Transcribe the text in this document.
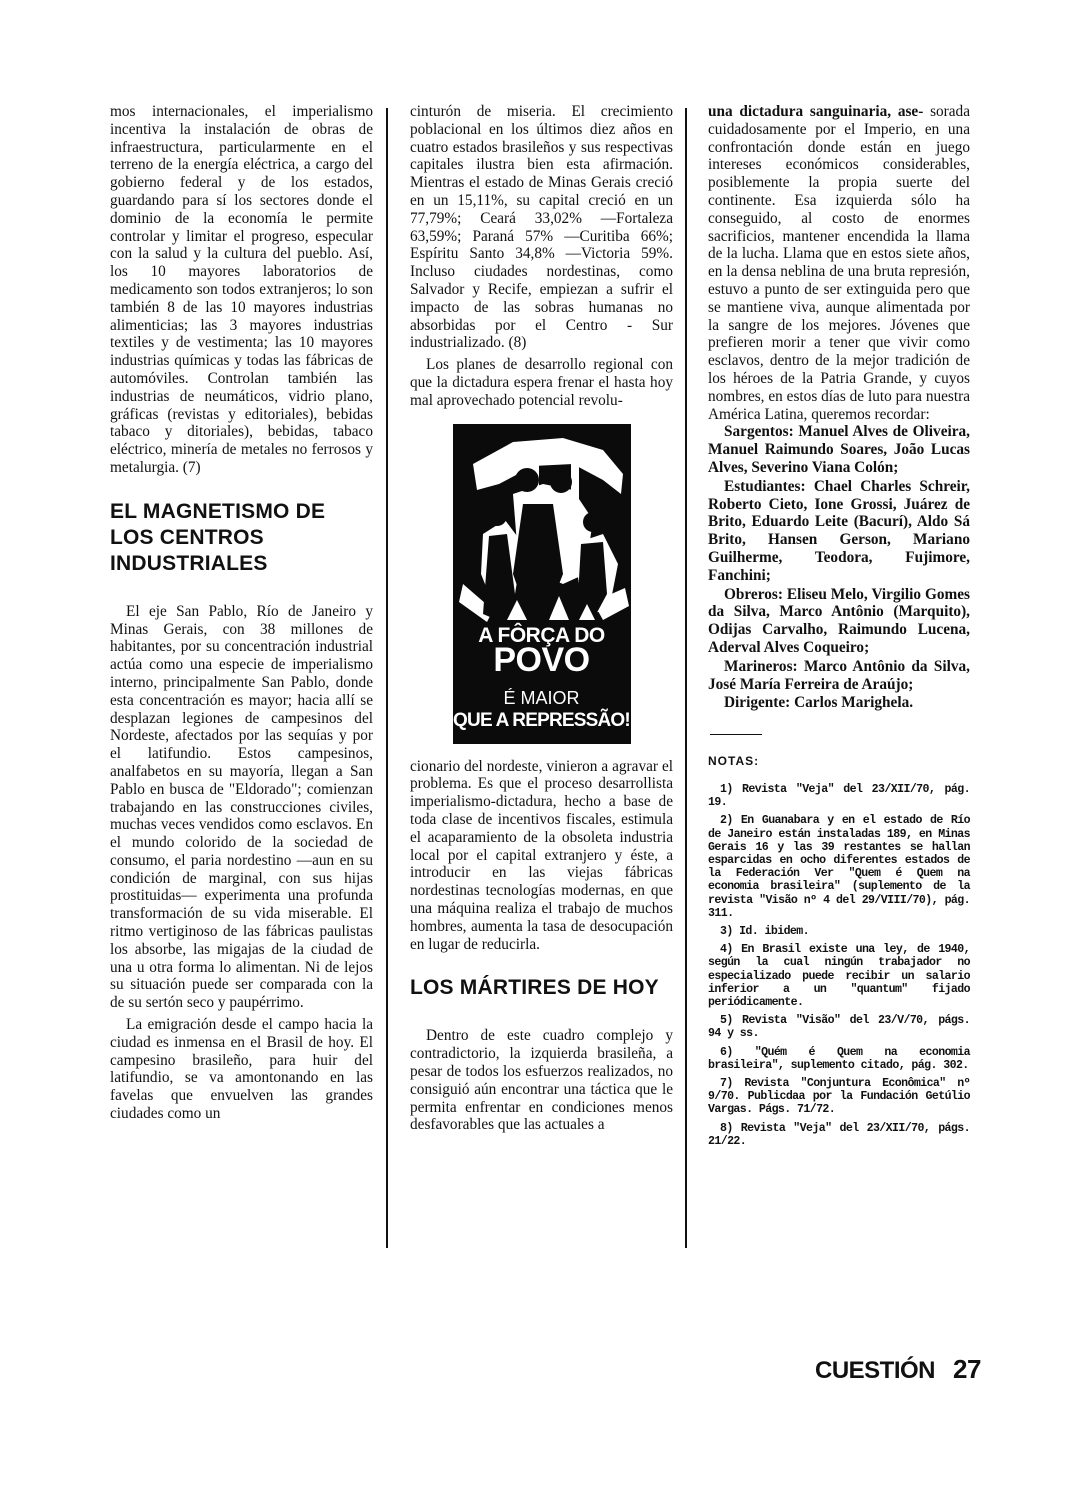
mos internacionales, el imperialismo incentiva la instalación de obras de infraestructura, particularmente en el terreno de la energía eléctrica, a cargo del gobierno federal y de los estados, guardando para sí los sectores donde el dominio de la economía le permite controlar y limitar el progreso, especular con la salud y la cultura del pueblo. Así, los 10 mayores laboratorios de medicamento son todos extranjeros; lo son también 8 de las 10 mayores industrias alimenticias; las 3 mayores industrias textiles y de vestimenta; las 10 mayores industrias químicas y todas las fábricas de automóviles. Controlan también las industrias de neumáticos, vidrio plano, gráficas (revistas y editoriales), bebidas tabaco y ditoriales), bebidas, tabaco eléctrico, minería de metales no ferrosos y metalurgia. (7)

EL MAGNETISMO DE LOS CENTROS INDUSTRIALES

El eje San Pablo, Río de Janeiro y Minas Gerais, con 38 millones de habitantes, por su concentración industrial actúa como una especie de imperialismo interno, principalmente San Pablo, donde esta concentración es mayor; hacia allí se desplazan legiones de campesinos del Nordeste, afectados por las sequías y por el latifundio. Estos campesinos, analfabetos en su mayoría, llegan a San Pablo en busca de "Eldorado"; comienzan trabajando en las construcciones civiles, muchas veces vendidos como esclavos. En el mundo colorido de la sociedad de consumo, el paria nordestino —aun en su condición de marginal, con sus hijas prostituidas— experimenta una profunda transformación de su vida miserable. El ritmo vertiginoso de las fábricas paulistas los absorbe, las migajas de la ciudad de una u otra forma lo alimentan. Ni de lejos su situación puede ser comparada con la de su sertón seco y paupérrimo.

La emigración desde el campo hacia la ciudad es inmensa en el Brasil de hoy. El campesino brasileño, para huir del latifundio, se va amontonando en las favelas que envuelven las grandes ciudades como un

cinturón de miseria. El crecimiento poblacional en los últimos diez años en cuatro estados brasileños y sus respectivas capitales ilustra bien esta afirmación. Mientras el estado de Minas Gerais creció en un 15,11%, su capital creció en un 77,79%; Ceará 33,02% —Fortaleza 63,59%; Paraná 57% —Curitiba 66%; Espíritu Santo 34,8% —Victoria 59%. Incluso ciudades nordestinas, como Salvador y Recife, empiezan a sufrir el impacto de las sobras humanas no absorbidas por el Centro - Sur industrializado. (8)

Los planes de desarrollo regional con que la dictadura espera frenar el hasta hoy mal aprovechado potencial revolu-

A FÔRÇA DO
POVO
É MAIOR
QUE A REPRESSÃO!

cionario del nordeste, vinieron a agravar el problema. Es que el proceso desarrollista imperialismo-dictadura, hecho a base de toda clase de incentivos fiscales, estimula el acaparamiento de la obsoleta industria local por el capital extranjero y éste, a introducir en las viejas fábricas nordestinas tecnologías modernas, en que una máquina realiza el trabajo de muchos hombres, aumenta la tasa de desocupación en lugar de reducirla.

LOS MÁRTIRES DE HOY

Dentro de este cuadro complejo y contradictorio, la izquierda brasileña, a pesar de todos los esfuerzos realizados, no consiguió aún encontrar una táctica que le permita enfrentar en condiciones menos desfavorables que las actuales a

una dictadura sanguinaria, ase- sorada cuidadosamente por el Imperio, en una confrontación donde están en juego intereses económicos considerables, posiblemente la propia suerte del continente. Esa izquierda sólo ha conseguido, al costo de enormes sacrificios, mantener encendida la llama de la lucha. Llama que en estos siete años, en la densa neblina de una bruta represión, estuvo a punto de ser extinguida pero que se mantiene viva, aunque alimentada por la sangre de los mejores. Jóvenes que prefieren morir a tener que vivir como esclavos, dentro de la mejor tradición de los héroes de la Patria Grande, y cuyos nombres, en estos días de luto para nuestra América Latina, queremos recordar:

Sargentos: Manuel Alves de Oliveira, Manuel Raimundo Soares, João Lucas Alves, Severino Viana Colón;

Estudiantes: Chael Charles Schreir, Roberto Cieto, Ione Grossi, Juárez de Brito, Eduardo Leite (Bacurí), Aldo Sá Brito, Hansen Gerson, Mariano Guilherme, Teodora, Fujimore, Fanchini;

Obreros: Eliseu Melo, Virgilio Gomes da Silva, Marco Antônio (Marquito), Odijas Carvalho, Raimundo Lucena, Aderval Alves Coqueiro;

Marineros: Marco Antônio da Silva, José María Ferreira de Araújo;

Dirigente: Carlos Marighela.

NOTAS:

1) Revista "Veja" del 23/XII/70, pág. 19.

2) En Guanabara y en el estado de Río de Janeiro están instaladas 189, en Minas Gerais 16 y las 39 restantes se hallan esparcidas en ocho diferentes estados de la Federación Ver "Quem é Quem na economia brasileira" (suplemento de la revista "Visão nº 4 del 29/VIII/70), pág. 311.

3) Id. ibidem.

4) En Brasil existe una ley, de 1940, según la cual ningún trabajador no especializado puede recibir un salario inferior a un "quantum" fijado periódicamente.

5) Revista "Visão" del 23/V/70, págs. 94 y ss.

6) "Quém é Quem na economia brasileira", suplemento citado, pág. 302.

7) Revista "Conjuntura Econômica" nº 9/70. Publicdaa por la Fundación Getúlio Vargas. Págs. 71/72.

8) Revista "Veja" del 23/XII/70, págs. 21/22.

CUESTIÓN 27
